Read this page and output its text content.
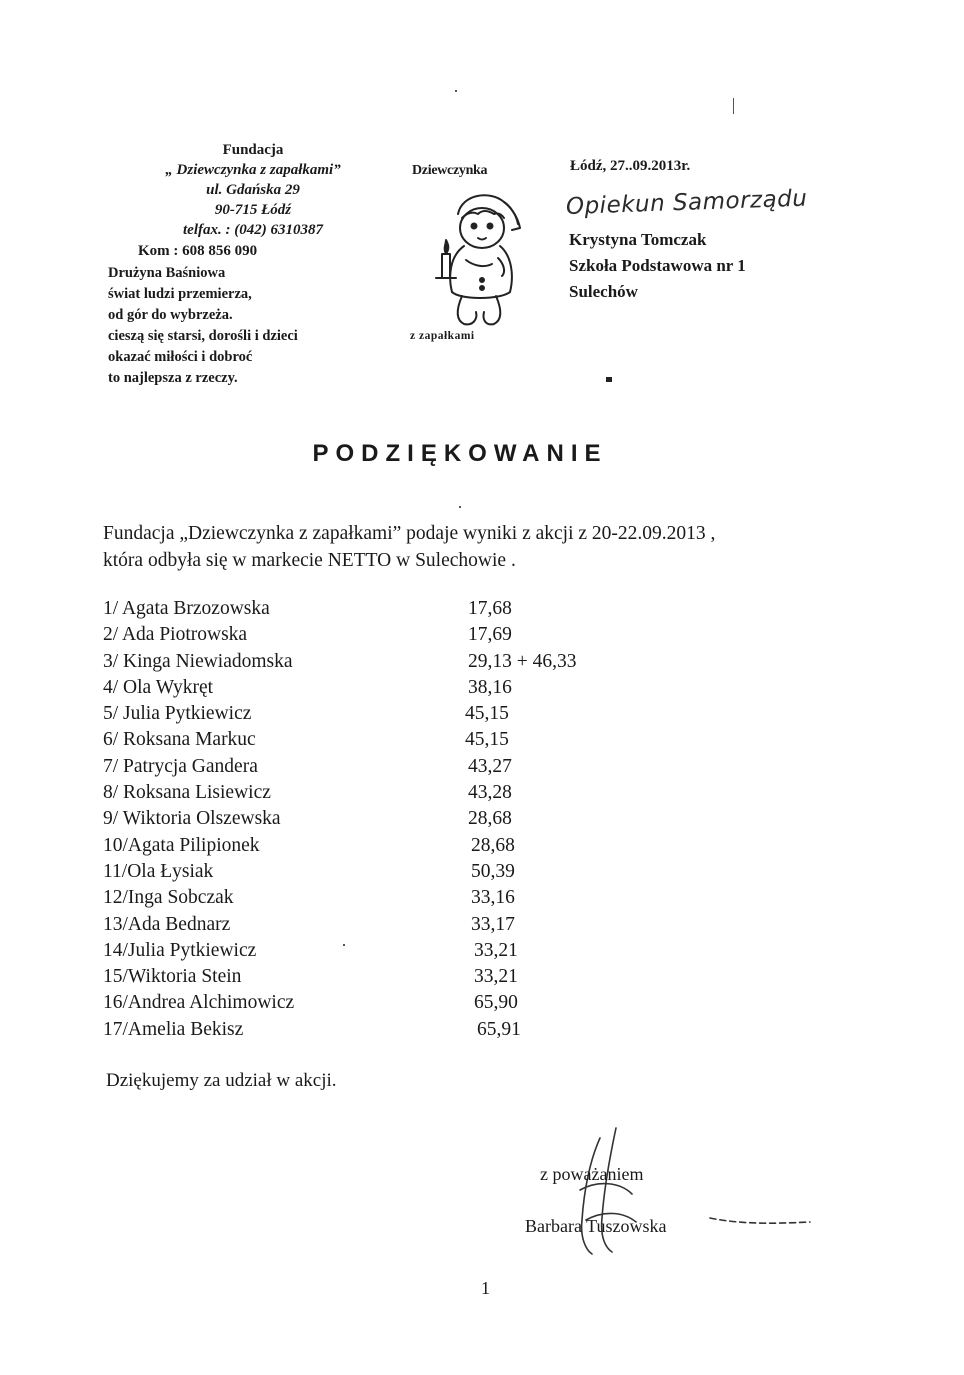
Fundacja
„ Dziewczynka z zapałkami”
ul. Gdańska 29
90-715 Łódź
telfax. : (042) 6310387
Kom : 608 856 090
Drużyna Baśniowa
świat ludzi przemierza,
od gór do wybrzeża.
cieszą się starsi, dorośli i dzieci
okazać miłości i dobroć
to najlepsza z rzeczy.
Dziewczynka
z zapałkami
Łódź, 27..09.2013r.
Opiekun Samorządu
Krystyna Tomczak
Szkoła Podstawowa nr 1
Sulechów
PODZIĘKOWANIE
Fundacja „Dziewczynka z zapałkami” podaje wyniki z akcji z 20-22.09.2013 ,
która odbyła się w markecie NETTO w Sulechowie .
1/ Agata Brzozowska	17,68
2/ Ada Piotrowska	17,69
3/ Kinga Niewiadomska	29,13 + 46,33
4/ Ola Wykręt	38,16
5/ Julia Pytkiewicz	45,15
6/ Roksana Markuc	45,15
7/ Patrycja Gandera	43,27
8/ Roksana Lisiewicz	43,28
9/ Wiktoria Olszewska	28,68
10/Agata Pilipionek	28,68
11/Ola Łysiak	50,39
12/Inga Sobczak	33,16
13/Ada Bednarz	33,17
14/Julia Pytkiewicz	33,21
15/Wiktoria Stein	33,21
16/Andrea Alchimowicz	65,90
17/Amelia Bekisz	65,91
Dziękujemy za udział w akcji.
z poważaniem
Barbara Tuszowska
1
